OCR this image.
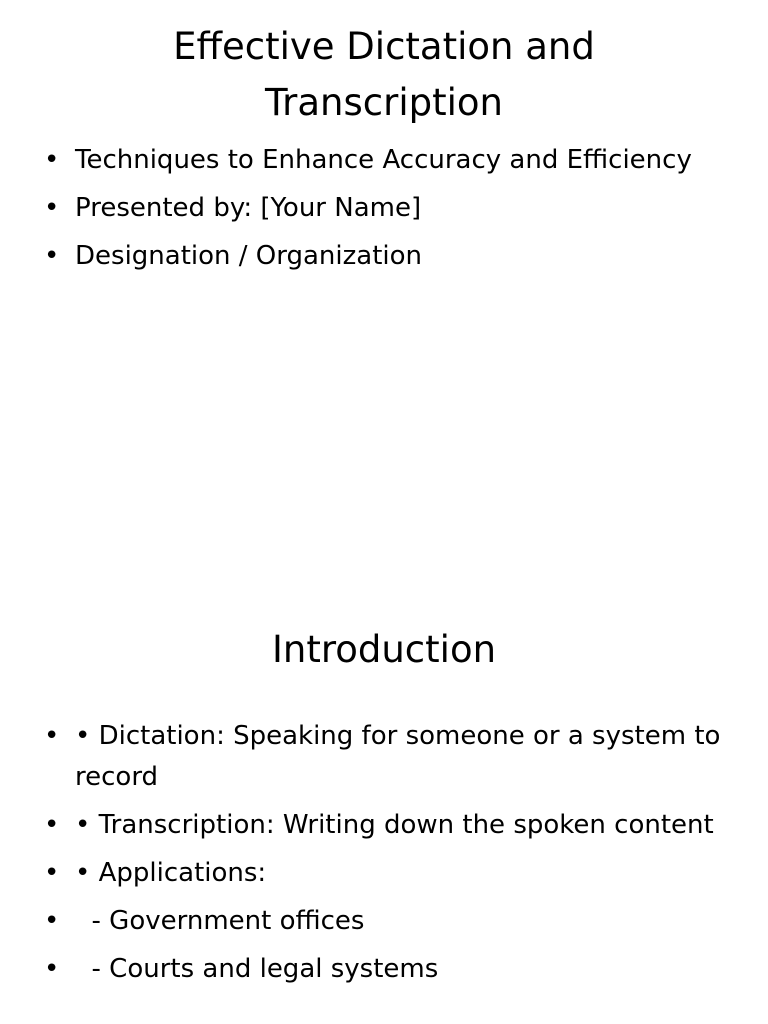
Effective Dictation and Transcription
• Techniques to Enhance Accuracy and Efficiency
• Presented by: [Your Name]
• Designation / Organization
Introduction
• • Dictation: Speaking for someone or a system to record
• • Transcription: Writing down the spoken content
• • Applications:
• - Government offices
• - Courts and legal systems
